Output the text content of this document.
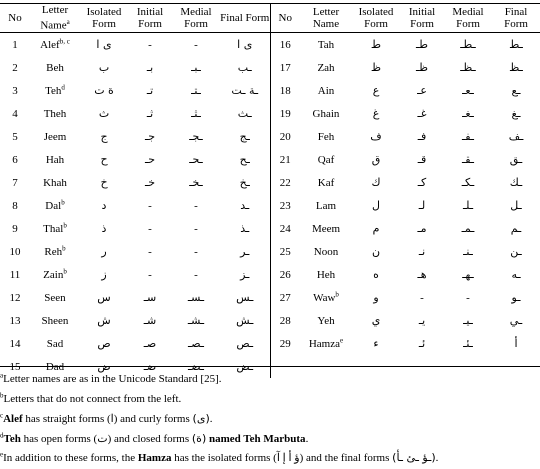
No	Letter Name$^a$	Isolated Form	Initial Form	Medial Form	Final Form	No	Letter Name	Isolated Form	Initial Form	Medial Form	Final Form
1	Alef$^{b, c}$	ى ا	-	-	ى ا	16	Tah	ط	طـ	ـطـ	ـط
2	Beh	ب	بـ	ـبـ	ـب	17	Zah	ظ	ظـ	ـظـ	ـظ
3	Teh$^d$	ة ت	تـ	ـتـ	ـة ـت	18	Ain	ع	عـ	ـعـ	ـع
4	Theh	ث	ثـ	ـثـ	ـث	19	Ghain	غ	غـ	ـغـ	ـغ
5	Jeem	ج	جـ	ـجـ	ـج	20	Feh	ف	فـ	ـفـ	ـف
6	Hah	ح	حـ	ـحـ	ـح	21	Qaf	ق	قـ	ـقـ	ـق
7	Khah	خ	خـ	ـخـ	ـخ	22	Kaf	ك	كـ	ـكـ	ـك
8	Dal$^b$	د	-	-	ـد	23	Lam	ل	لـ	ـلـ	ـل
9	Thal$^b$	ذ	-	-	ـذ	24	Meem	م	مـ	ـمـ	ـم
10	Reh$^b$	ر	-	-	ـر	25	Noon	ن	نـ	ـنـ	ـن
11	Zain$^b$	ز	-	-	ـز	26	Heh	ه	هـ	ـهـ	ـه
12	Seen	س	سـ	ـسـ	ـس	27	Waw$^b$	و	-	-	ـو
13	Sheen	ش	شـ	ـشـ	ـش	28	Yeh	ي	يـ	ـيـ	ـي
14	Sad	ص	صـ	ـصـ	ـص	29	Hamza$^e$	ء	ئـ	ـئـ	أ
15	Dad	ض	ضـ	ـضـ	ـض						
$^a$Letter names are as in the Unicode Standard [25].
$^b$Letters that do not connect from the left.
$^c$Alef has straight forms (ا) and curly forms (ى).
$^d$Teh has open forms (ت) and closed forms (ة) named Teh Marbuta.
$^e$In addition to these forms, the Hamza has the isolated forms (ؤ أ إ آ) and the final forms (ـؤ ـئ ـأ).
